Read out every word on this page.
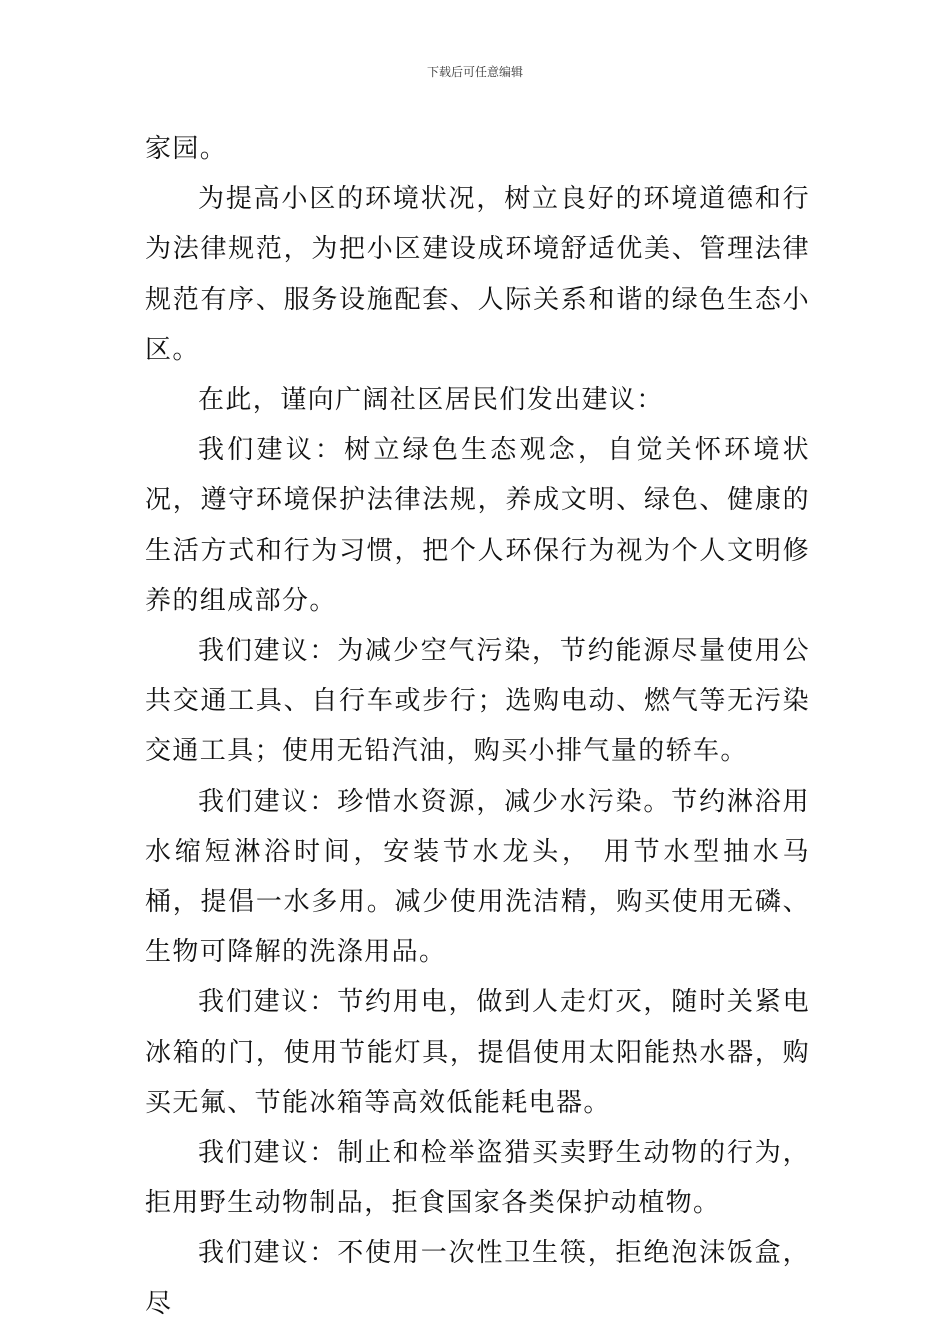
下载后可任意编辑

家园。

为提高小区的环境状况，树立良好的环境道德和行为法律规范，为把小区建设成环境舒适优美、管理法律规范有序、服务设施配套、人际关系和谐的绿色生态小区。

在此，谨向广阔社区居民们发出建议：

我们建议：树立绿色生态观念，自觉关怀环境状况，遵守环境保护法律法规，养成文明、绿色、健康的生活方式和行为习惯，把个人环保行为视为个人文明修养的组成部分。

我们建议：为减少空气污染，节约能源尽量使用公共交通工具、自行车或步行；选购电动、燃气等无污染交通工具；使用无铅汽油，购买小排气量的轿车。

我们建议：珍惜水资源，减少水污染。节约淋浴用水缩短淋浴时间，安装节水龙头， 用节水型抽水马桶，提倡一水多用。减少使用洗洁精，购买使用无磷、生物可降解的洗涤用品。

我们建议：节约用电，做到人走灯灭，随时关紧电冰箱的门，使用节能灯具，提倡使用太阳能热水器，购买无氟、节能冰箱等高效低能耗电器。

我们建议：制止和检举盗猎买卖野生动物的行为，拒用野生动物制品，拒食国家各类保护动植物。

我们建议：不使用一次性卫生筷，拒绝泡沫饭盒，尽
